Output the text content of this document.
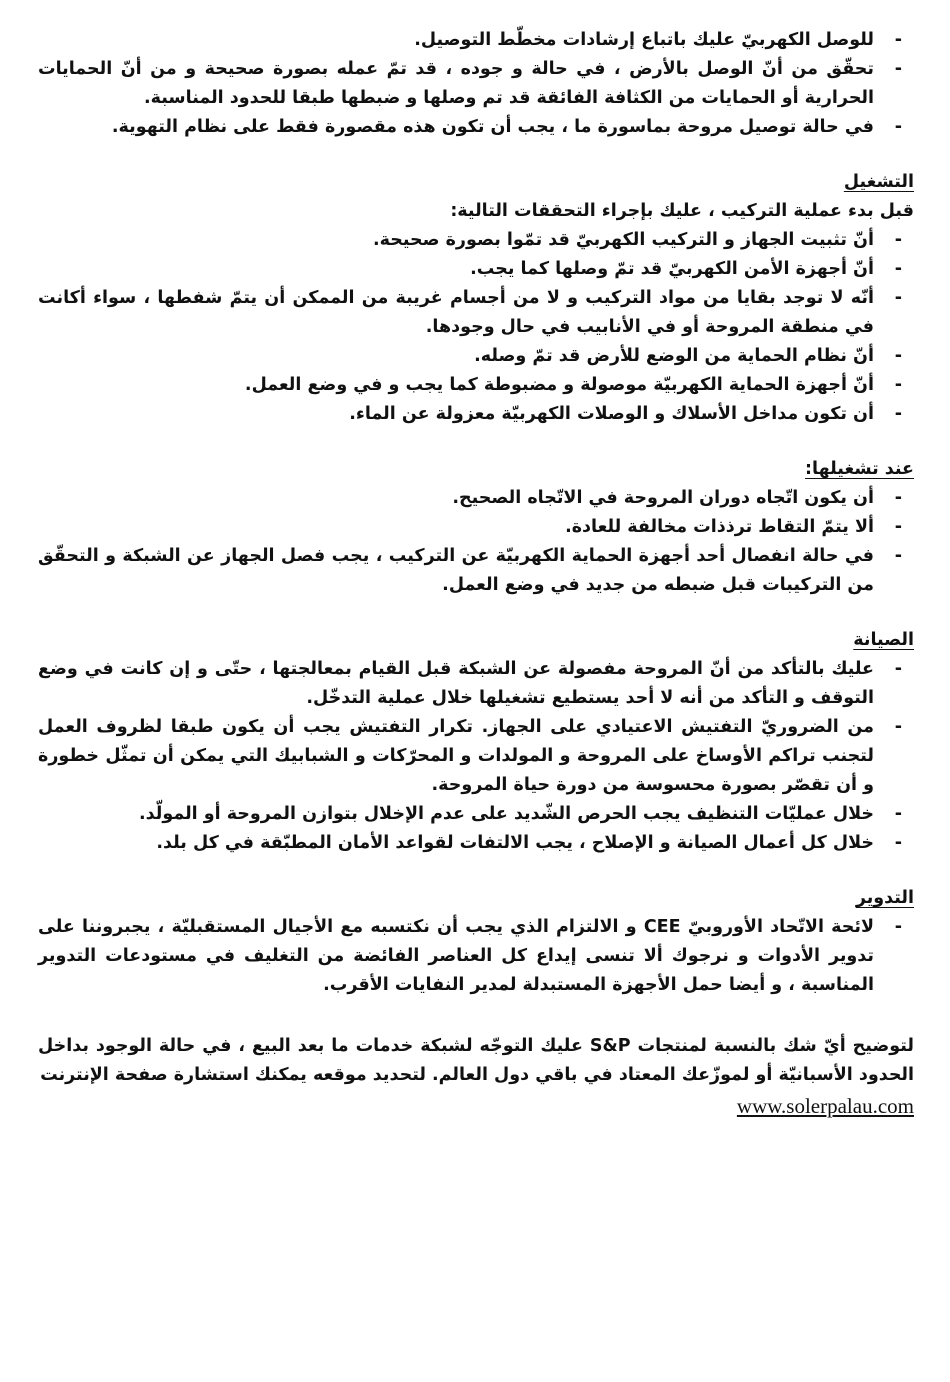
- للوصل الكهربيّ عليك باتباع إرشادات مخطّط التوصيل.
- تحقّق من أنّ الوصل بالأرض ، في حالة و جوده ، قد تمّ عمله بصورة صحيحة و من أنّ الحمايات الحرارية أو الحمايات من الكثافة الفائقة قد تم وصلها و ضبطها طبقا للحدود المناسبة.
- في حالة توصيل مروحة بماسورة ما ، يجب أن تكون هذه مقصورة فقط على نظام التهوية.
التشغيل
قبل بدء عملية التركيب ، عليك بإجراء التحققات التالية:
- أنّ تثبيت الجهاز و التركيب الكهربيّ قد تمّوا بصورة صحيحة.
- أنّ أجهزة الأمن الكهربيّ قد تمّ وصلها كما يجب.
- أنّه لا توجد بقايا من مواد التركيب و لا من أجسام غريبة من الممكن أن يتمّ شفطها ، سواء أكانت في منطقة المروحة أو في الأنابيب في حال وجودها.
- أنّ نظام الحماية من الوضع للأرض قد تمّ وصله.
- أنّ أجهزة الحماية الكهربيّة موصولة و مضبوطة كما يجب و في وضع العمل.
- أن تكون مداخل الأسلاك و الوصلات الكهربيّة معزولة عن الماء.
عند تشغيلها:
- أن يكون اتّجاه دوران المروحة في الاتّجاه الصحيح.
- ألا يتمّ التقاط ترذذات مخالفة للعادة.
- في حالة انفصال أحد أجهزة الحماية الكهربيّة عن التركيب ، يجب فصل الجهاز عن الشبكة و التحقّق من التركيبات قبل ضبطه من جديد في وضع العمل.
الصيانة
- عليك بالتأكد من أنّ المروحة مفصولة عن الشبكة قبل القيام بمعالجتها ، حتّى و إن كانت في وضع التوقف و التأكد من أنه لا أحد يستطيع تشغيلها خلال عملية التدخّل.
- من الضروريّ التفتيش الاعتيادي على الجهاز. تكرار التفتيش يجب أن يكون طبقا لظروف العمل لتجنب تراكم الأوساخ على المروحة و المولدات و المحرّكات و الشبابيك التي يمكن أن تمثّل خطورة و أن تقصّر بصورة محسوسة من دورة حياة المروحة.
- خلال عمليّات التنظيف يجب الحرص الشّديد على عدم الإخلال بتوازن المروحة أو المولّد.
- خلال كل أعمال الصيانة و الإصلاح ، يجب الالتفات لقواعد الأمان المطبّقة في كل بلد.
التدوير
- لائحة الاتّحاد الأوروبيّ CEE و الالتزام الذي يجب أن نكتسبه مع الأجيال المستقبليّة ، يجبروننا على تدوير الأدوات و نرجوك ألا تنسى إيداع كل العناصر الفائضة من التغليف في مستودعات التدوير المناسبة ، و أيضا حمل الأجهزة المستبدلة لمدير النفايات الأقرب.

لتوضيح أيّ شك بالنسبة لمنتجات S&P عليك التوجّه لشبكة خدمات ما بعد البيع ، في حالة الوجود بداخل الحدود الأسبانيّة أو لموزّعك المعتاد في باقي دول العالم. لتحديد موقعه يمكنك استشارة صفحة الإنترنت

www.solerpalau.com
